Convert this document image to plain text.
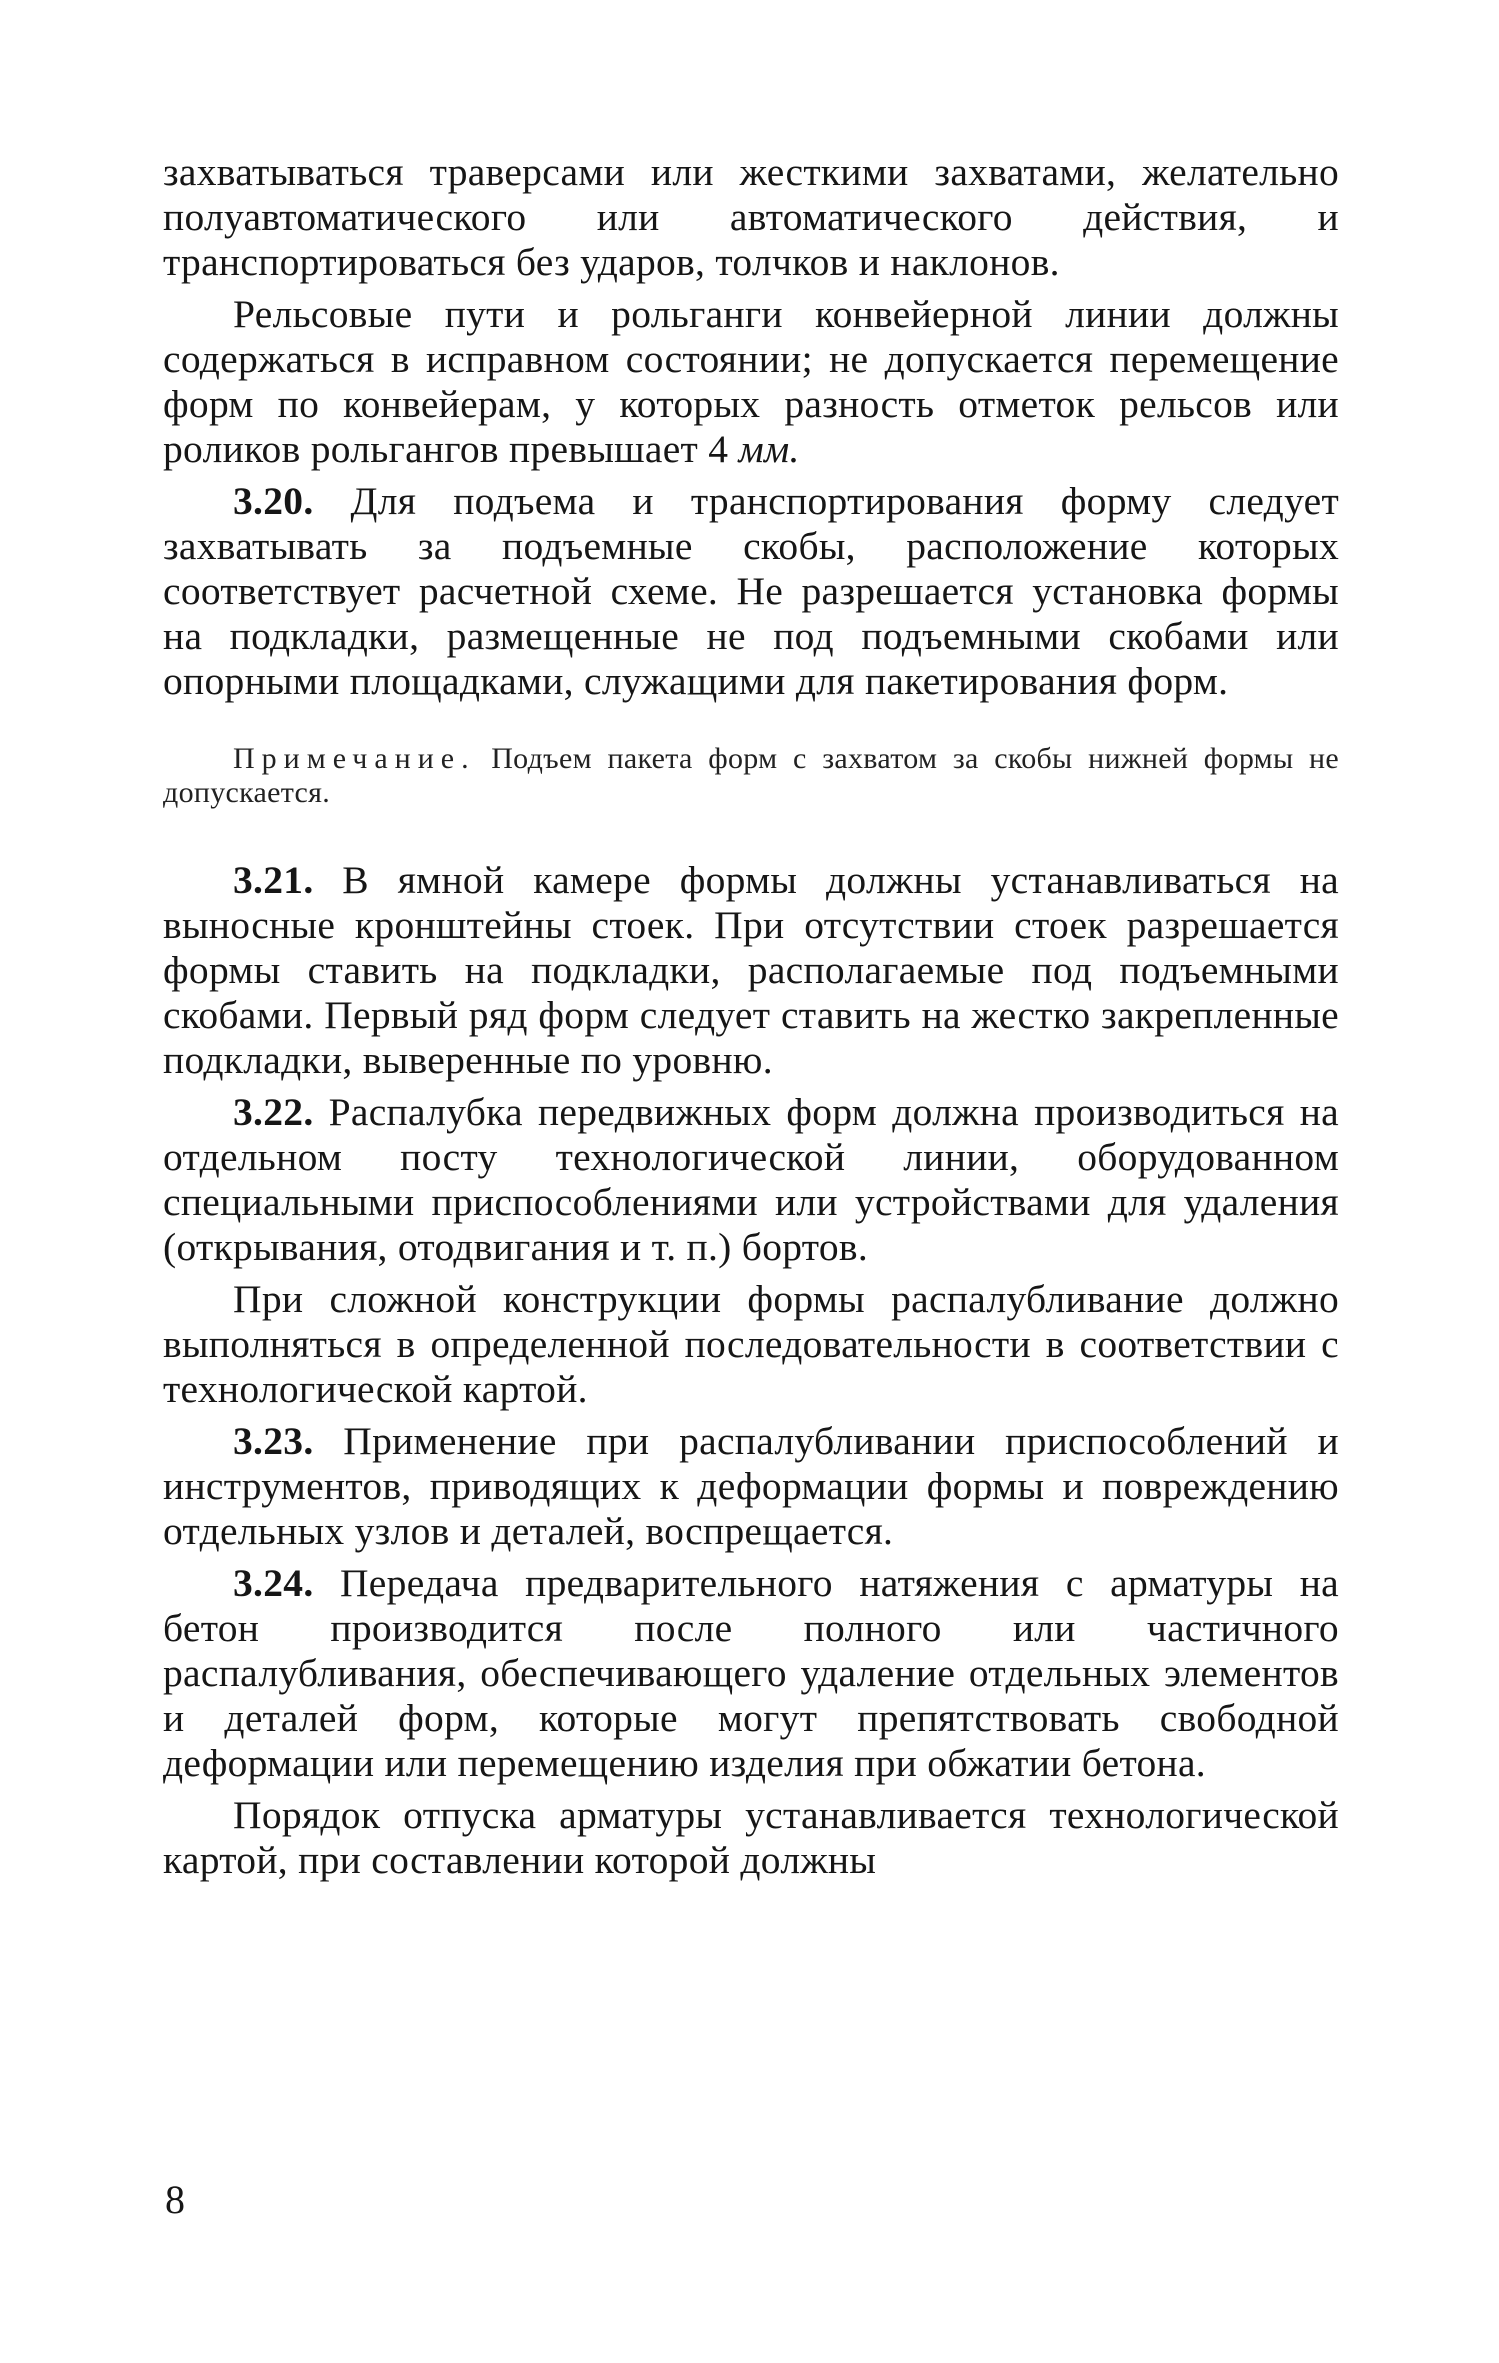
захватываться траверсами или жесткими захватами, желательно полуавтоматического или автоматического действия, и транспортироваться без ударов, толчков и наклонов.

Рельсовые пути и рольганги конвейерной линии должны содержаться в исправном состоянии; не допускается перемещение форм по конвейерам, у которых разность отметок рельсов или роликов рольгангов превышает 4 мм.

3.20. Для подъема и транспортирования форму следует захватывать за подъемные скобы, расположение которых соответствует расчетной схеме. Не разрешается установка формы на подкладки, размещенные не под подъемными скобами или опорными площадками, служащими для пакетирования форм.

Примечание. Подъем пакета форм с захватом за скобы нижней формы не допускается.

3.21. В ямной камере формы должны устанавливаться на выносные кронштейны стоек. При отсутствии стоек разрешается формы ставить на подкладки, располагаемые под подъемными скобами. Первый ряд форм следует ставить на жестко закрепленные подкладки, выверенные по уровню.

3.22. Распалубка передвижных форм должна производиться на отдельном посту технологической линии, оборудованном специальными приспособлениями или устройствами для удаления (открывания, отодвигания и т. п.) бортов.

При сложной конструкции формы распалубливание должно выполняться в определенной последовательности в соответствии с технологической картой.

3.23. Применение при распалубливании приспособлений и инструментов, приводящих к деформации формы и повреждению отдельных узлов и деталей, воспрещается.

3.24. Передача предварительного натяжения с арматуры на бетон производится после полного или частичного распалубливания, обеспечивающего удаление отдельных элементов и деталей форм, которые могут препятствовать свободной деформации или перемещению изделия при обжатии бетона.

Порядок отпуска арматуры устанавливается технологической картой, при составлении которой должны

8
